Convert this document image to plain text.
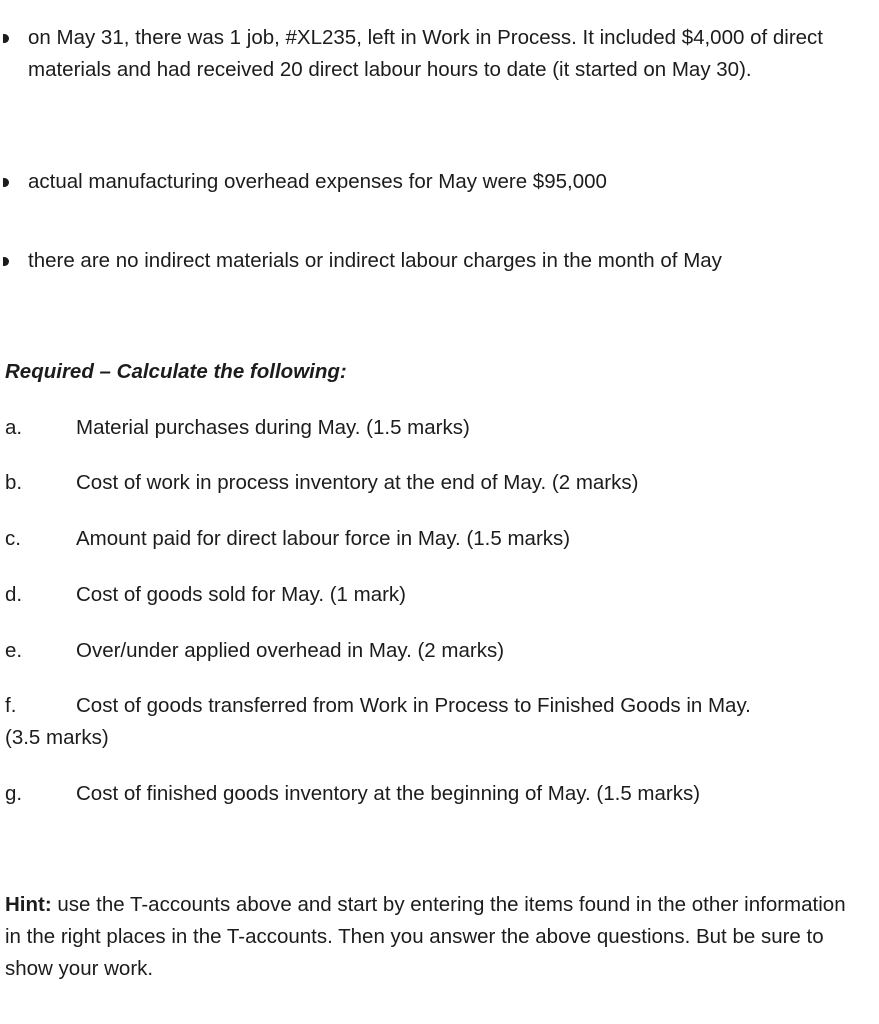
on May 31, there was 1 job, #XL235, left in Work in Process. It included $4,000 of direct materials and had received 20 direct labour hours to date (it started on May 30).
actual manufacturing overhead expenses for May were $95,000
there are no indirect materials or indirect labour charges in the month of May
Required – Calculate the following:
a.	Material purchases during May. (1.5 marks)
b.	Cost of work in process inventory at the end of May. (2 marks)
c.	Amount paid for direct labour force in May. (1.5 marks)
d.	Cost of goods sold for May. (1 mark)
e.	Over/under applied overhead in May. (2 marks)
f.	Cost of goods transferred from Work in Process to Finished Goods in May.
(3.5 marks)
g.	Cost of finished goods inventory at the beginning of May. (1.5 marks)
Hint: use the T-accounts above and start by entering the items found in the other information in the right places in the T-accounts. Then you answer the above questions. But be sure to show your work.
